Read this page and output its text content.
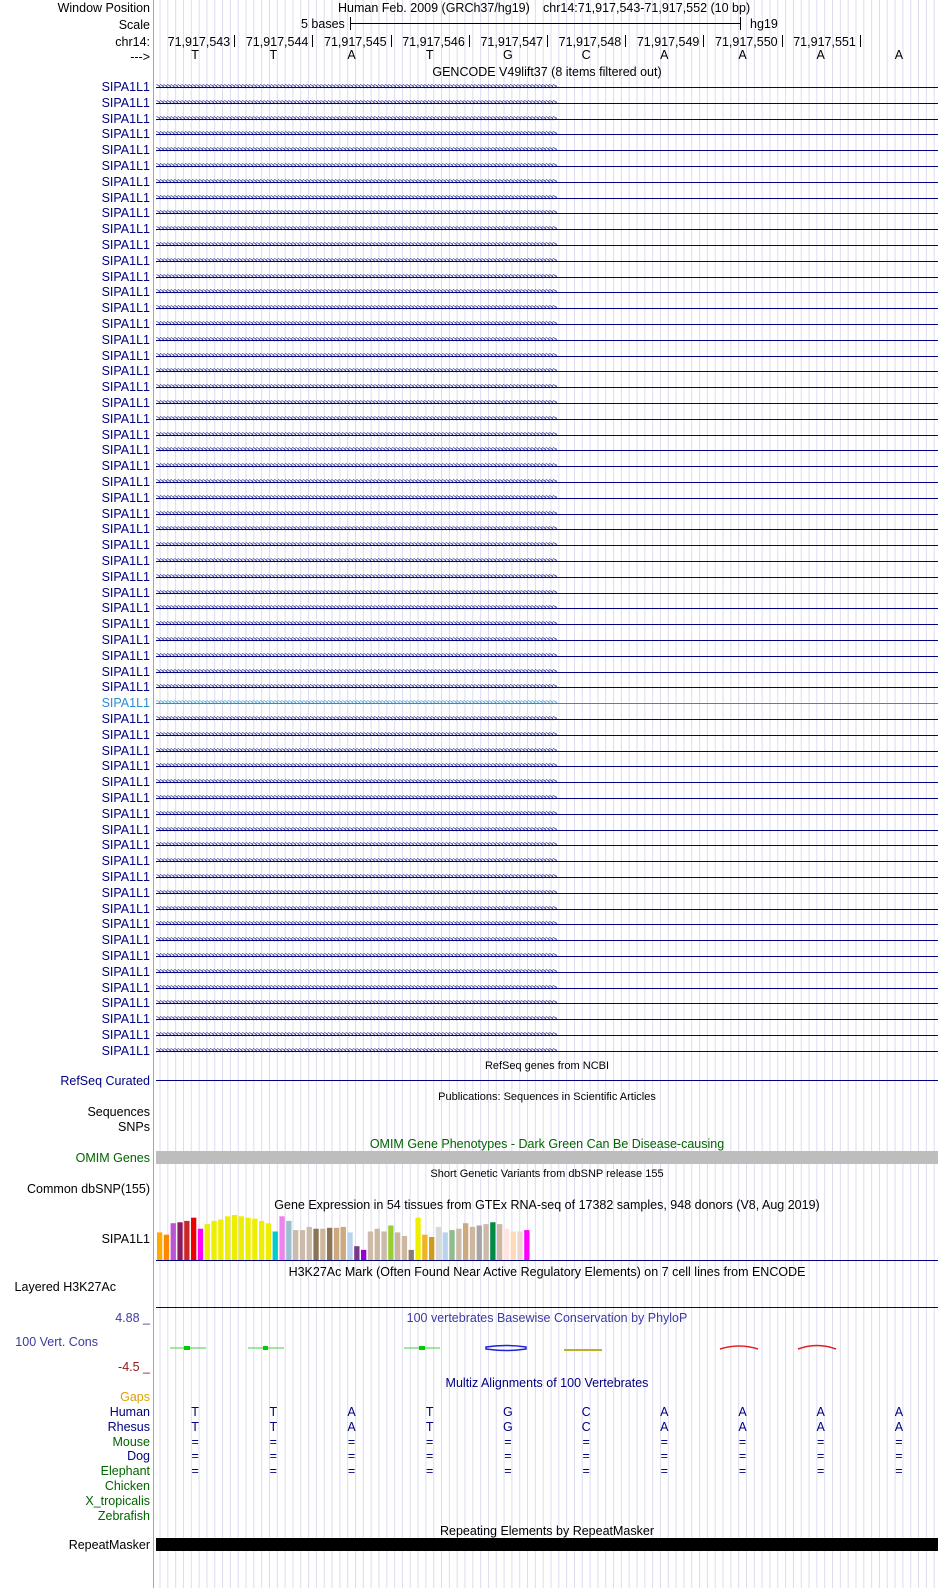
Window Position	Human Feb. 2009 (GRCh37/hg19) chr14:71,917,543-71,917,552 (10 bp)
Scale	5 bases	hg19
chr14: 71,917,543 71,917,544 71,917,545 71,917,546 71,917,547 71,917,548 71,917,549 71,917,550 71,917,551
--->	T	T	A	T	G	C	A	A	A	A
GENCODE V49lift37 (8 items filtered out)
SIPA1L1 >>>>>>>>>>>>>>>>>>>>>>>>>>>>>>>>>>>>>>>>>>>>>>>>>>>>>>>>>>>>>>>>>>>>>>>>>>>>>>>>>>>>>>>>>>>>>>>>>>>>>>>>>>>>>>>>
SIPA1L1 >>>>>>>>>>>>>>>>>>>>>>>>>>>>>>>>>>>>>>>>>>>>>>>>>>>>>>>>>>>>>>>>>>>>>>>>>>>>>>>>>>>>>>>>>>>>>>>>>>>>>>>>>>>>>>>>
SIPA1L1 >>>>>>>>>>>>>>>>>>>>>>>>>>>>>>>>>>>>>>>>>>>>>>>>>>>>>>>>>>>>>>>>>>>>>>>>>>>>>>>>>>>>>>>>>>>>>>>>>>>>>>>>>>>>>>>>
SIPA1L1 >>>>>>>>>>>>>>>>>>>>>>>>>>>>>>>>>>>>>>>>>>>>>>>>>>>>>>>>>>>>>>>>>>>>>>>>>>>>>>>>>>>>>>>>>>>>>>>>>>>>>>>>>>>>>>>>
SIPA1L1 >>>>>>>>>>>>>>>>>>>>>>>>>>>>>>>>>>>>>>>>>>>>>>>>>>>>>>>>>>>>>>>>>>>>>>>>>>>>>>>>>>>>>>>>>>>>>>>>>>>>>>>>>>>>>>>>
SIPA1L1 >>>>>>>>>>>>>>>>>>>>>>>>>>>>>>>>>>>>>>>>>>>>>>>>>>>>>>>>>>>>>>>>>>>>>>>>>>>>>>>>>>>>>>>>>>>>>>>>>>>>>>>>>>>>>>>>
SIPA1L1 >>>>>>>>>>>>>>>>>>>>>>>>>>>>>>>>>>>>>>>>>>>>>>>>>>>>>>>>>>>>>>>>>>>>>>>>>>>>>>>>>>>>>>>>>>>>>>>>>>>>>>>>>>>>>>>>
SIPA1L1 >>>>>>>>>>>>>>>>>>>>>>>>>>>>>>>>>>>>>>>>>>>>>>>>>>>>>>>>>>>>>>>>>>>>>>>>>>>>>>>>>>>>>>>>>>>>>>>>>>>>>>>>>>>>>>>>
SIPA1L1 >>>>>>>>>>>>>>>>>>>>>>>>>>>>>>>>>>>>>>>>>>>>>>>>>>>>>>>>>>>>>>>>>>>>>>>>>>>>>>>>>>>>>>>>>>>>>>>>>>>>>>>>>>>>>>>>
SIPA1L1 >>>>>>>>>>>>>>>>>>>>>>>>>>>>>>>>>>>>>>>>>>>>>>>>>>>>>>>>>>>>>>>>>>>>>>>>>>>>>>>>>>>>>>>>>>>>>>>>>>>>>>>>>>>>>>>>
SIPA1L1 >>>>>>>>>>>>>>>>>>>>>>>>>>>>>>>>>>>>>>>>>>>>>>>>>>>>>>>>>>>>>>>>>>>>>>>>>>>>>>>>>>>>>>>>>>>>>>>>>>>>>>>>>>>>>>>>
SIPA1L1 >>>>>>>>>>>>>>>>>>>>>>>>>>>>>>>>>>>>>>>>>>>>>>>>>>>>>>>>>>>>>>>>>>>>>>>>>>>>>>>>>>>>>>>>>>>>>>>>>>>>>>>>>>>>>>>>
SIPA1L1 >>>>>>>>>>>>>>>>>>>>>>>>>>>>>>>>>>>>>>>>>>>>>>>>>>>>>>>>>>>>>>>>>>>>>>>>>>>>>>>>>>>>>>>>>>>>>>>>>>>>>>>>>>>>>>>>
SIPA1L1 >>>>>>>>>>>>>>>>>>>>>>>>>>>>>>>>>>>>>>>>>>>>>>>>>>>>>>>>>>>>>>>>>>>>>>>>>>>>>>>>>>>>>>>>>>>>>>>>>>>>>>>>>>>>>>>>
SIPA1L1 >>>>>>>>>>>>>>>>>>>>>>>>>>>>>>>>>>>>>>>>>>>>>>>>>>>>>>>>>>>>>>>>>>>>>>>>>>>>>>>>>>>>>>>>>>>>>>>>>>>>>>>>>>>>>>>>
SIPA1L1 >>>>>>>>>>>>>>>>>>>>>>>>>>>>>>>>>>>>>>>>>>>>>>>>>>>>>>>>>>>>>>>>>>>>>>>>>>>>>>>>>>>>>>>>>>>>>>>>>>>>>>>>>>>>>>>>
SIPA1L1 >>>>>>>>>>>>>>>>>>>>>>>>>>>>>>>>>>>>>>>>>>>>>>>>>>>>>>>>>>>>>>>>>>>>>>>>>>>>>>>>>>>>>>>>>>>>>>>>>>>>>>>>>>>>>>>>
SIPA1L1 >>>>>>>>>>>>>>>>>>>>>>>>>>>>>>>>>>>>>>>>>>>>>>>>>>>>>>>>>>>>>>>>>>>>>>>>>>>>>>>>>>>>>>>>>>>>>>>>>>>>>>>>>>>>>>>>
SIPA1L1 >>>>>>>>>>>>>>>>>>>>>>>>>>>>>>>>>>>>>>>>>>>>>>>>>>>>>>>>>>>>>>>>>>>>>>>>>>>>>>>>>>>>>>>>>>>>>>>>>>>>>>>>>>>>>>>>
SIPA1L1 >>>>>>>>>>>>>>>>>>>>>>>>>>>>>>>>>>>>>>>>>>>>>>>>>>>>>>>>>>>>>>>>>>>>>>>>>>>>>>>>>>>>>>>>>>>>>>>>>>>>>>>>>>>>>>>>
SIPA1L1 >>>>>>>>>>>>>>>>>>>>>>>>>>>>>>>>>>>>>>>>>>>>>>>>>>>>>>>>>>>>>>>>>>>>>>>>>>>>>>>>>>>>>>>>>>>>>>>>>>>>>>>>>>>>>>>>
SIPA1L1 >>>>>>>>>>>>>>>>>>>>>>>>>>>>>>>>>>>>>>>>>>>>>>>>>>>>>>>>>>>>>>>>>>>>>>>>>>>>>>>>>>>>>>>>>>>>>>>>>>>>>>>>>>>>>>>>
SIPA1L1 >>>>>>>>>>>>>>>>>>>>>>>>>>>>>>>>>>>>>>>>>>>>>>>>>>>>>>>>>>>>>>>>>>>>>>>>>>>>>>>>>>>>>>>>>>>>>>>>>>>>>>>>>>>>>>>>
SIPA1L1 >>>>>>>>>>>>>>>>>>>>>>>>>>>>>>>>>>>>>>>>>>>>>>>>>>>>>>>>>>>>>>>>>>>>>>>>>>>>>>>>>>>>>>>>>>>>>>>>>>>>>>>>>>>>>>>>
SIPA1L1 >>>>>>>>>>>>>>>>>>>>>>>>>>>>>>>>>>>>>>>>>>>>>>>>>>>>>>>>>>>>>>>>>>>>>>>>>>>>>>>>>>>>>>>>>>>>>>>>>>>>>>>>>>>>>>>>
SIPA1L1 >>>>>>>>>>>>>>>>>>>>>>>>>>>>>>>>>>>>>>>>>>>>>>>>>>>>>>>>>>>>>>>>>>>>>>>>>>>>>>>>>>>>>>>>>>>>>>>>>>>>>>>>>>>>>>>>
SIPA1L1 >>>>>>>>>>>>>>>>>>>>>>>>>>>>>>>>>>>>>>>>>>>>>>>>>>>>>>>>>>>>>>>>>>>>>>>>>>>>>>>>>>>>>>>>>>>>>>>>>>>>>>>>>>>>>>>>
SIPA1L1 >>>>>>>>>>>>>>>>>>>>>>>>>>>>>>>>>>>>>>>>>>>>>>>>>>>>>>>>>>>>>>>>>>>>>>>>>>>>>>>>>>>>>>>>>>>>>>>>>>>>>>>>>>>>>>>>
SIPA1L1 >>>>>>>>>>>>>>>>>>>>>>>>>>>>>>>>>>>>>>>>>>>>>>>>>>>>>>>>>>>>>>>>>>>>>>>>>>>>>>>>>>>>>>>>>>>>>>>>>>>>>>>>>>>>>>>>
SIPA1L1 >>>>>>>>>>>>>>>>>>>>>>>>>>>>>>>>>>>>>>>>>>>>>>>>>>>>>>>>>>>>>>>>>>>>>>>>>>>>>>>>>>>>>>>>>>>>>>>>>>>>>>>>>>>>>>>>
SIPA1L1 >>>>>>>>>>>>>>>>>>>>>>>>>>>>>>>>>>>>>>>>>>>>>>>>>>>>>>>>>>>>>>>>>>>>>>>>>>>>>>>>>>>>>>>>>>>>>>>>>>>>>>>>>>>>>>>>
SIPA1L1 >>>>>>>>>>>>>>>>>>>>>>>>>>>>>>>>>>>>>>>>>>>>>>>>>>>>>>>>>>>>>>>>>>>>>>>>>>>>>>>>>>>>>>>>>>>>>>>>>>>>>>>>>>>>>>>>
SIPA1L1 >>>>>>>>>>>>>>>>>>>>>>>>>>>>>>>>>>>>>>>>>>>>>>>>>>>>>>>>>>>>>>>>>>>>>>>>>>>>>>>>>>>>>>>>>>>>>>>>>>>>>>>>>>>>>>>>
SIPA1L1 >>>>>>>>>>>>>>>>>>>>>>>>>>>>>>>>>>>>>>>>>>>>>>>>>>>>>>>>>>>>>>>>>>>>>>>>>>>>>>>>>>>>>>>>>>>>>>>>>>>>>>>>>>>>>>>>
SIPA1L1 >>>>>>>>>>>>>>>>>>>>>>>>>>>>>>>>>>>>>>>>>>>>>>>>>>>>>>>>>>>>>>>>>>>>>>>>>>>>>>>>>>>>>>>>>>>>>>>>>>>>>>>>>>>>>>>>
SIPA1L1 >>>>>>>>>>>>>>>>>>>>>>>>>>>>>>>>>>>>>>>>>>>>>>>>>>>>>>>>>>>>>>>>>>>>>>>>>>>>>>>>>>>>>>>>>>>>>>>>>>>>>>>>>>>>>>>>
SIPA1L1 >>>>>>>>>>>>>>>>>>>>>>>>>>>>>>>>>>>>>>>>>>>>>>>>>>>>>>>>>>>>>>>>>>>>>>>>>>>>>>>>>>>>>>>>>>>>>>>>>>>>>>>>>>>>>>>>
SIPA1L1 >>>>>>>>>>>>>>>>>>>>>>>>>>>>>>>>>>>>>>>>>>>>>>>>>>>>>>>>>>>>>>>>>>>>>>>>>>>>>>>>>>>>>>>>>>>>>>>>>>>>>>>>>>>>>>>>
SIPA1L1 >>>>>>>>>>>>>>>>>>>>>>>>>>>>>>>>>>>>>>>>>>>>>>>>>>>>>>>>>>>>>>>>>>>>>>>>>>>>>>>>>>>>>>>>>>>>>>>>>>>>>>>>>>>>>>>>
SIPA1L1 >>>>>>>>>>>>>>>>>>>>>>>>>>>>>>>>>>>>>>>>>>>>>>>>>>>>>>>>>>>>>>>>>>>>>>>>>>>>>>>>>>>>>>>>>>>>>>>>>>>>>>>>>>>>>>>>
SIPA1L1 >>>>>>>>>>>>>>>>>>>>>>>>>>>>>>>>>>>>>>>>>>>>>>>>>>>>>>>>>>>>>>>>>>>>>>>>>>>>>>>>>>>>>>>>>>>>>>>>>>>>>>>>>>>>>>>>
SIPA1L1 >>>>>>>>>>>>>>>>>>>>>>>>>>>>>>>>>>>>>>>>>>>>>>>>>>>>>>>>>>>>>>>>>>>>>>>>>>>>>>>>>>>>>>>>>>>>>>>>>>>>>>>>>>>>>>>>
SIPA1L1 >>>>>>>>>>>>>>>>>>>>>>>>>>>>>>>>>>>>>>>>>>>>>>>>>>>>>>>>>>>>>>>>>>>>>>>>>>>>>>>>>>>>>>>>>>>>>>>>>>>>>>>>>>>>>>>>
SIPA1L1 >>>>>>>>>>>>>>>>>>>>>>>>>>>>>>>>>>>>>>>>>>>>>>>>>>>>>>>>>>>>>>>>>>>>>>>>>>>>>>>>>>>>>>>>>>>>>>>>>>>>>>>>>>>>>>>>
SIPA1L1 >>>>>>>>>>>>>>>>>>>>>>>>>>>>>>>>>>>>>>>>>>>>>>>>>>>>>>>>>>>>>>>>>>>>>>>>>>>>>>>>>>>>>>>>>>>>>>>>>>>>>>>>>>>>>>>>
SIPA1L1 >>>>>>>>>>>>>>>>>>>>>>>>>>>>>>>>>>>>>>>>>>>>>>>>>>>>>>>>>>>>>>>>>>>>>>>>>>>>>>>>>>>>>>>>>>>>>>>>>>>>>>>>>>>>>>>>
SIPA1L1 >>>>>>>>>>>>>>>>>>>>>>>>>>>>>>>>>>>>>>>>>>>>>>>>>>>>>>>>>>>>>>>>>>>>>>>>>>>>>>>>>>>>>>>>>>>>>>>>>>>>>>>>>>>>>>>>
SIPA1L1 >>>>>>>>>>>>>>>>>>>>>>>>>>>>>>>>>>>>>>>>>>>>>>>>>>>>>>>>>>>>>>>>>>>>>>>>>>>>>>>>>>>>>>>>>>>>>>>>>>>>>>>>>>>>>>>>
SIPA1L1 >>>>>>>>>>>>>>>>>>>>>>>>>>>>>>>>>>>>>>>>>>>>>>>>>>>>>>>>>>>>>>>>>>>>>>>>>>>>>>>>>>>>>>>>>>>>>>>>>>>>>>>>>>>>>>>>
SIPA1L1 >>>>>>>>>>>>>>>>>>>>>>>>>>>>>>>>>>>>>>>>>>>>>>>>>>>>>>>>>>>>>>>>>>>>>>>>>>>>>>>>>>>>>>>>>>>>>>>>>>>>>>>>>>>>>>>>
SIPA1L1 >>>>>>>>>>>>>>>>>>>>>>>>>>>>>>>>>>>>>>>>>>>>>>>>>>>>>>>>>>>>>>>>>>>>>>>>>>>>>>>>>>>>>>>>>>>>>>>>>>>>>>>>>>>>>>>>
SIPA1L1 >>>>>>>>>>>>>>>>>>>>>>>>>>>>>>>>>>>>>>>>>>>>>>>>>>>>>>>>>>>>>>>>>>>>>>>>>>>>>>>>>>>>>>>>>>>>>>>>>>>>>>>>>>>>>>>>
SIPA1L1 >>>>>>>>>>>>>>>>>>>>>>>>>>>>>>>>>>>>>>>>>>>>>>>>>>>>>>>>>>>>>>>>>>>>>>>>>>>>>>>>>>>>>>>>>>>>>>>>>>>>>>>>>>>>>>>>
SIPA1L1 >>>>>>>>>>>>>>>>>>>>>>>>>>>>>>>>>>>>>>>>>>>>>>>>>>>>>>>>>>>>>>>>>>>>>>>>>>>>>>>>>>>>>>>>>>>>>>>>>>>>>>>>>>>>>>>>
SIPA1L1 >>>>>>>>>>>>>>>>>>>>>>>>>>>>>>>>>>>>>>>>>>>>>>>>>>>>>>>>>>>>>>>>>>>>>>>>>>>>>>>>>>>>>>>>>>>>>>>>>>>>>>>>>>>>>>>>
SIPA1L1 >>>>>>>>>>>>>>>>>>>>>>>>>>>>>>>>>>>>>>>>>>>>>>>>>>>>>>>>>>>>>>>>>>>>>>>>>>>>>>>>>>>>>>>>>>>>>>>>>>>>>>>>>>>>>>>>
SIPA1L1 >>>>>>>>>>>>>>>>>>>>>>>>>>>>>>>>>>>>>>>>>>>>>>>>>>>>>>>>>>>>>>>>>>>>>>>>>>>>>>>>>>>>>>>>>>>>>>>>>>>>>>>>>>>>>>>>
SIPA1L1 >>>>>>>>>>>>>>>>>>>>>>>>>>>>>>>>>>>>>>>>>>>>>>>>>>>>>>>>>>>>>>>>>>>>>>>>>>>>>>>>>>>>>>>>>>>>>>>>>>>>>>>>>>>>>>>>
SIPA1L1 >>>>>>>>>>>>>>>>>>>>>>>>>>>>>>>>>>>>>>>>>>>>>>>>>>>>>>>>>>>>>>>>>>>>>>>>>>>>>>>>>>>>>>>>>>>>>>>>>>>>>>>>>>>>>>>>
SIPA1L1 >>>>>>>>>>>>>>>>>>>>>>>>>>>>>>>>>>>>>>>>>>>>>>>>>>>>>>>>>>>>>>>>>>>>>>>>>>>>>>>>>>>>>>>>>>>>>>>>>>>>>>>>>>>>>>>>
SIPA1L1 >>>>>>>>>>>>>>>>>>>>>>>>>>>>>>>>>>>>>>>>>>>>>>>>>>>>>>>>>>>>>>>>>>>>>>>>>>>>>>>>>>>>>>>>>>>>>>>>>>>>>>>>>>>>>>>>
SIPA1L1 >>>>>>>>>>>>>>>>>>>>>>>>>>>>>>>>>>>>>>>>>>>>>>>>>>>>>>>>>>>>>>>>>>>>>>>>>>>>>>>>>>>>>>>>>>>>>>>>>>>>>>>>>>>>>>>>
RefSeq genes from NCBI
RefSeq Curated
Publications: Sequences in Scientific Articles
Sequences
SNPs
OMIM Gene Phenotypes - Dark Green Can Be Disease-causing
OMIM Genes
Short Genetic Variants from dbSNP release 155
Common dbSNP(155)
Gene Expression in 54 tissues from GTEx RNA-seq of 17382 samples, 948 donors (V8, Aug 2019)
SIPA1L1
H3K27Ac Mark (Often Found Near Active Regulatory Elements) on 7 cell lines from ENCODE
Layered H3K27Ac
100 vertebrates Basewise Conservation by PhyloP
4.88 _
100 Vert. Cons
-4.5 _
Multiz Alignments of 100 Vertebrates
Gaps
Human	T	T	A	T	G	C	A	A	A	A
Rhesus	T	T	A	T	G	C	A	A	A	A
Mouse	=	=	=	=	=	=	=	=	=	=
Dog	=	=	=	=	=	=	=	=	=	=
Elephant	=	=	=	=	=	=	=	=	=	=
Chicken
X_tropicalis
Zebrafish
Repeating Elements by RepeatMasker
RepeatMasker
